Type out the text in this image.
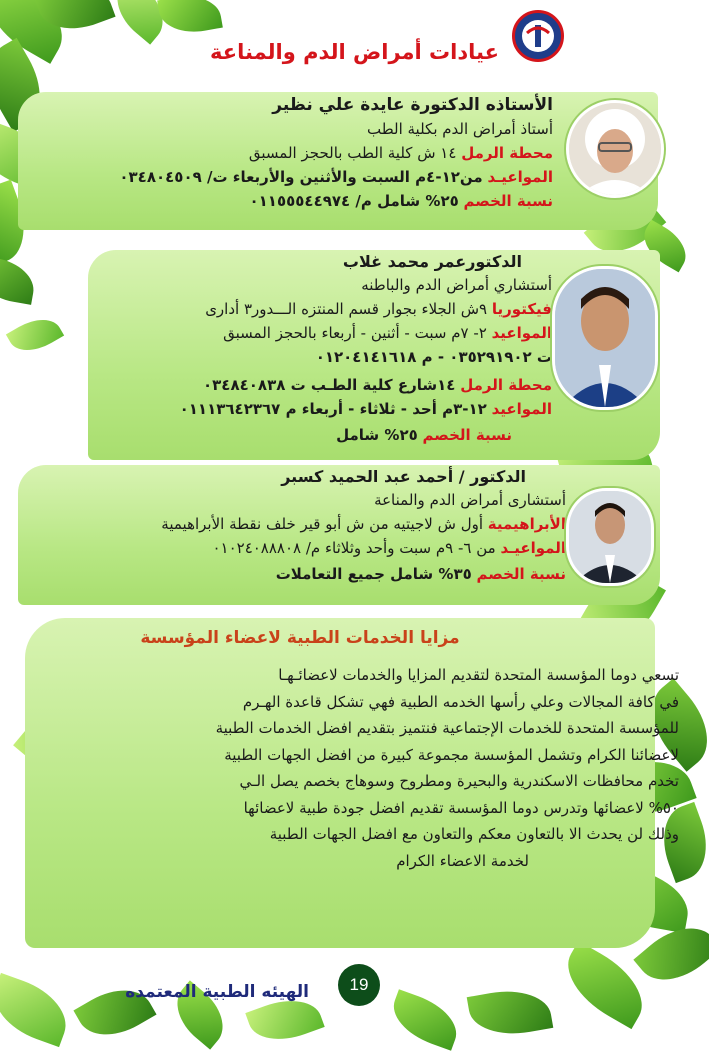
عيادات أمراض الدم والمناعة
الأستاذه الدكتورة عايدة علي نظير
أستاذ أمراض الدم بكلية الطب
محطة الرمل ١٤ ش كلية الطب بالحجز المسبق
المواعيـد من١٢-٤م السبت والأثنين والأربعاء ت/ ٠٣٤٨٠٤٥٠٩
نسبة الخصم ٢٥% شامل م/ ٠١١٥٥٥٤٤٩٧٤
الدكتورعمر محمد غلاب
أستشاري أمراض الدم والباطنه
فيكتوريا ٩ش الجلاء بجوار قسم المنتزه الـــدور٣ أدارى
المواعيد ٢- ٧م سبت - أثنين - أربعاء بالحجز المسبق
ت ٠٣٥٢٩١٩٠٢ - م ٠١٢٠٤١٤١٦١٨
محطة الرمل ١٤شارع كلية الطـب ت ٠٣٤٨٤٠٨٣٨
المواعيد ١٢-٣م أحد - ثلاثاء - أربعاء م ٠١١١٣٦٤٢٣٦٧
نسبة الخصم ٢٥% شامل
الدكتور / أحمد عبد الحميد كسبر
أستشارى أمراض الدم والمناعة
الأبراهيمية أول ش لاجيتيه من ش أبو قير خلف نقطة الأبراهيمية
المواعيـد من ٦- ٩م سبت وأحد وثلاثاء م/ ٠١٠٢٤٠٨٨٨٠٨
نسبة الخصم ٣٥% شامل جميع التعاملات
مزايا الخدمات الطبية لاعضاء المؤسسة
تسعي دوما المؤسسة المتحدة لتقديم المزايا والخدمات لاعضائـهـا
في كافة المجالات وعلي رأسها الخدمه الطبية فهي تشكل قاعدة الهـرم
للمؤسسة المتحدة للخدمات الإجتماعية فنتميز بتقديم افضل الخدمات الطبية
لاعضائنا الكرام وتشمل المؤسسة مجموعة كبيرة من افضل الجهات الطبية
تخدم محافظات الاسكندرية والبحيرة ومطروح وسوهاج بخصم يصل الـي
٥٠% لاعضائها وتدرس دوما المؤسسة تقديم افضل جودة طبية لاعضائها
وذلك لن يحدث الا بالتعاون معكم والتعاون مع افضل الجهات الطبية
لخدمة الاعضاء الكرام
الهيئه الطبية المعتمده	19
